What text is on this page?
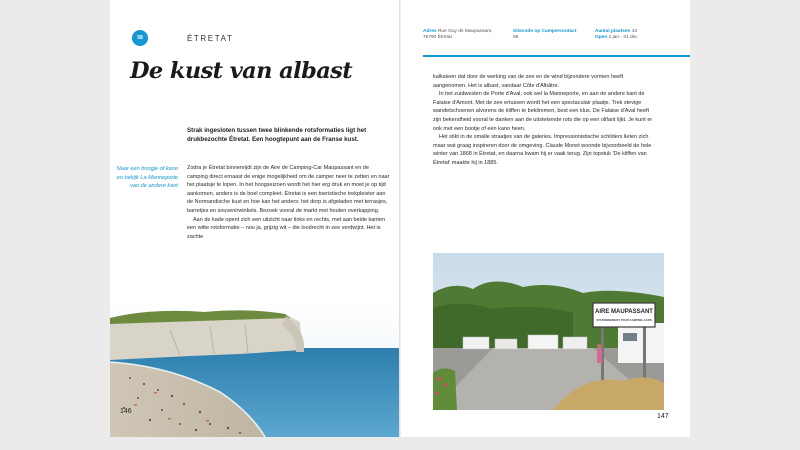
58	ÉTRETAT
De kust van albast

Strak ingesloten tussen twee blinkende rotsformaties ligt het drukbezochte Étretat. Een hoogtepunt aan de Franse kust.

Naar een boogje of kano en bekijk La Manneporte van de andere kant

Zodra je Étretat binnenrijdt zijn de Aire de Camping-Car Maupassant en de camping direct ernaast de enige mogelijkheid om de camper neer te zetten en naar het plaatsje te lopen. In het hoogseizoen wordt het hier erg druk en moet je op tijd aankomen, anders is de boel compleet. Étretat is een toeristische trekpleister aan de Normandische kust en hoe kan het anders: het dorp is afgeladen met terrasjes, barretjes en souvenirwinkels. Bezoek vooral de markt met houten overkapping.

Aan de kade opent zich een uitzicht naar links en rechts, met aan beide kanten een witte rotsformatie – nou ja, grijzig wit – die loodrecht in zee verdwijnt. Het is zachte

146
Adres Rue Guy de Maupassant,
76790 Étretat
Sitecode op Campercontact
98
Aantal plaatsen 34
Open 1 jan - 31 dec

kalksteen dat door de werking van de zee en de wind bijzondere vormen heeft aangenomen. Het is albast, vandaar Côte d'Albâtre.

In het zuidwesten de Porte d'Aval, ook wel la Manneporte, en aan de andere kant de Falaise d'Amont. Met de zee ertussen wordt het een spectaculair plaatje. Trek stevige wandelschoenen alvorens de kliffen te beklimmen, best een klus. De Falaise d'Aval heeft zijn bekendheid vooral te danken aan de uitstekende rots die op een olifant lijkt. Je kunt er ook met een bootje of een kano heen.

Het stikt in de smalle straatjes van de galeries. Impressionistische schilders lieten zich maar wat graag inspireren door de omgeving. Claude Monet woonde bijvoorbeeld de hele winter van 1868 in Étretat, en daarna kwam hij er vaak terug. Zijn topstuk 'De kliffen van Étretat' maakte hij in 1885.

AIRE MAUPASSANT
STATIONNEMENT POUR CAMPING-CARS
147
